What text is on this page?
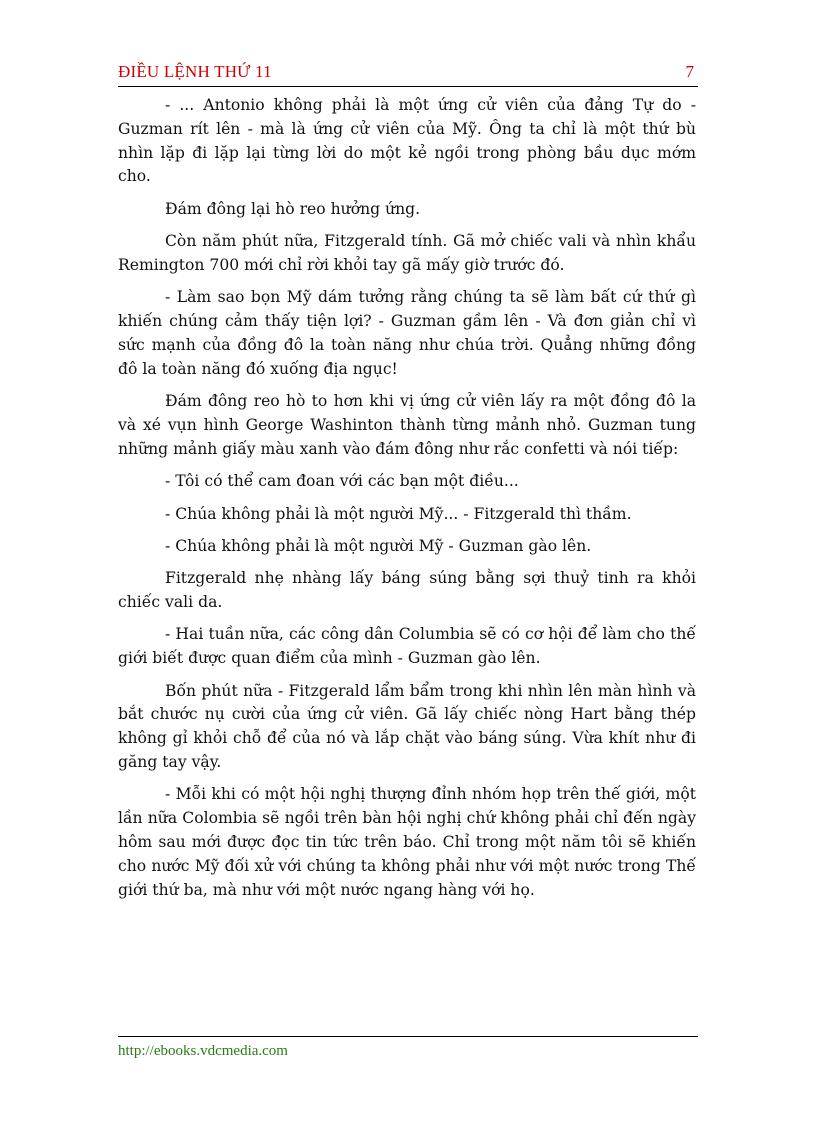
ĐIỀU LỆNH THỨ 11	7

- ... Antonio không phải là một ứng cử viên của đảng Tự do - Guzman rít lên - mà là ứng cử viên của Mỹ. Ông ta chỉ là một thứ bù nhìn lặp đi lặp lại từng lời do một kẻ ngồi trong phòng bầu dục mớm cho.

Đám đông lại hò reo hưởng ứng.

Còn năm phút nữa, Fitzgerald tính. Gã mở chiếc vali và nhìn khẩu Remington 700 mới chỉ rời khỏi tay gã mấy giờ trước đó.

- Làm sao bọn Mỹ dám tưởng rằng chúng ta sẽ làm bất cứ thứ gì khiến chúng cảm thấy tiện lợi? - Guzman gầm lên - Và đơn giản chỉ vì sức mạnh của đồng đô la toàn năng như chúa trời. Quẳng những đồng đô la toàn năng đó xuống địa ngục!

Đám đông reo hò to hơn khi vị ứng cử viên lấy ra một đồng đô la và xé vụn hình George Washinton thành từng mảnh nhỏ. Guzman tung những mảnh giấy màu xanh vào đám đông như rắc confetti và nói tiếp:

- Tôi có thể cam đoan với các bạn một điều...

- Chúa không phải là một người Mỹ... - Fitzgerald thì thầm.

- Chúa không phải là một người Mỹ - Guzman gào lên.

Fitzgerald nhẹ nhàng lấy báng súng bằng sợi thuỷ tinh ra khỏi chiếc vali da.

- Hai tuần nữa, các công dân Columbia sẽ có cơ hội để làm cho thế giới biết được quan điểm của mình - Guzman gào lên.

Bốn phút nữa - Fitzgerald lẩm bẩm trong khi nhìn lên màn hình và bắt chước nụ cười của ứng cử viên. Gã lấy chiếc nòng Hart bằng thép không gỉ khỏi chỗ để của nó và lắp chặt vào báng súng. Vừa khít như đi găng tay vậy.

- Mỗi khi có một hội nghị thượng đỉnh nhóm họp trên thế giới, một lần nữa Colombia sẽ ngồi trên bàn hội nghị chứ không phải chỉ đến ngày hôm sau mới được đọc tin tức trên báo. Chỉ trong một năm tôi sẽ khiến cho nước Mỹ đối xử với chúng ta không phải như với một nước trong Thế giới thứ ba, mà như với một nước ngang hàng với họ.

http://ebooks.vdcmedia.com
